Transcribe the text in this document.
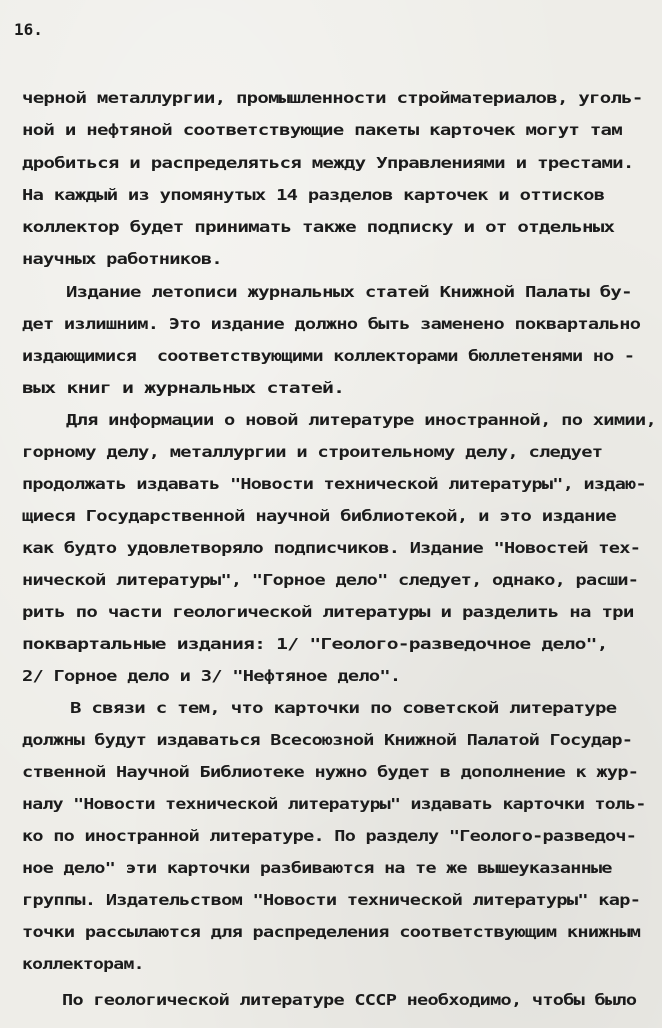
16.
черной металлургии, промышленности стройматериалов, уголь-
ной и нефтяной соответствующие пакеты карточек могут там
дробиться и распределяться между Управлениями и трестами.
На каждый из упомянутых 14 разделов карточек и оттисков
коллектор будет принимать также подписку и от отдельных
научных работников.
Издание летописи журнальных статей Книжной Палаты бу-
дет излишним. Это издание должно быть заменено поквартально
издающимися  соответствующими коллекторами бюллетенями но -
вых книг и журнальных статей.
Для информации о новой литературе иностранной, по химии,
горному делу, металлургии и строительному делу, следует
продолжать издавать "Новости технической литературы", издаю-
щиеся Государственной научной библиотекой, и это издание
как будто удовлетворяло подписчиков. Издание "Новостей тех-
нической литературы", "Горное дело" следует, однако, расши-
рить по части геологической литературы и разделить на три
поквартальные издания: 1/ "Геолого-разведочное дело",
2/ Горное дело и 3/ "Нефтяное дело".
В связи с тем, что карточки по советской литературе
должны будут издаваться Всесоюзной Книжной Палатой Государ-
ственной Научной Библиотеке нужно будет в дополнение к жур-
налу "Новости технической литературы" издавать карточки толь-
ко по иностранной литературе. По разделу "Геолого-разведоч-
ное дело" эти карточки разбиваются на те же вышеуказанные
группы. Издательством "Новости технической литературы" кар-
точки рассылаются для распределения соответствующим книжным
коллекторам.
По геологической литературе СССР необходимо, чтобы было
